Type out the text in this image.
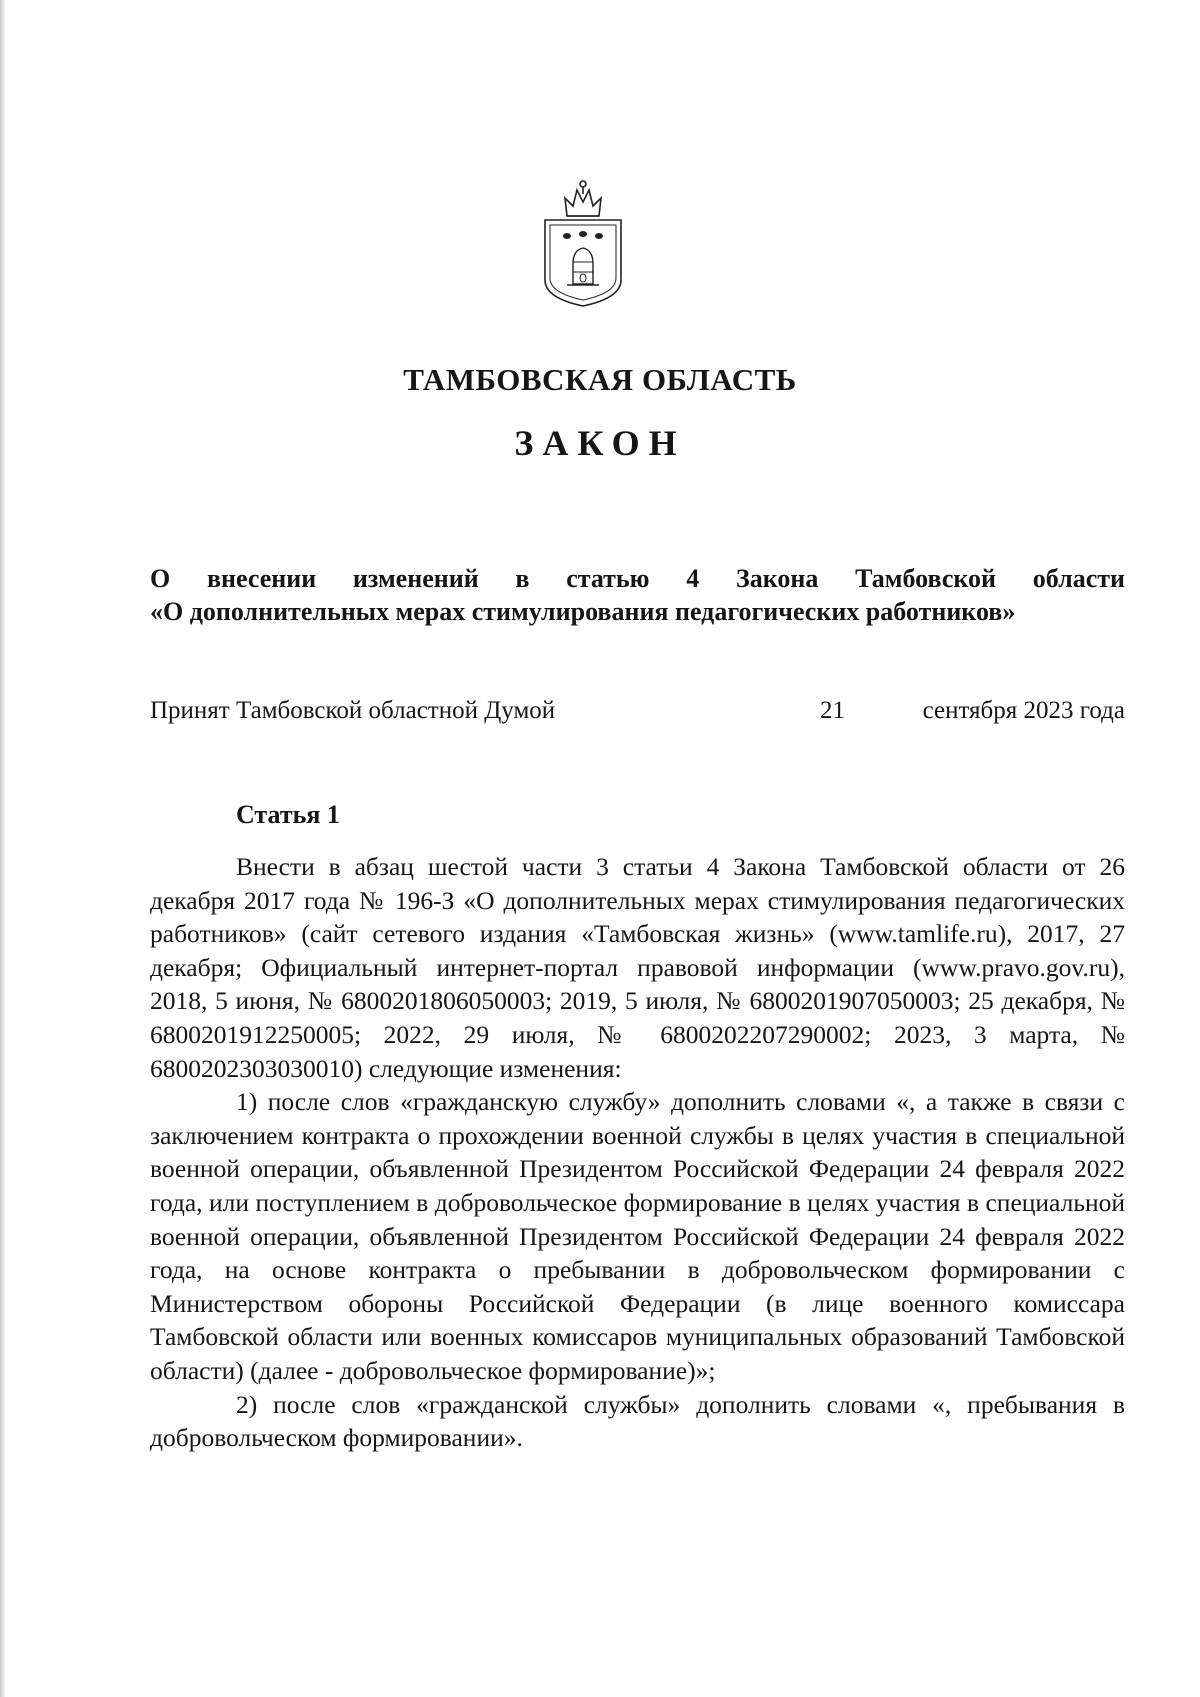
ТАМБОВСКАЯ ОБЛАСТЬ
ЗАКОН
О внесении изменений в статью 4 Закона Тамбовской области
«О дополнительных мерах стимулирования педагогических работников»
Принят Тамбовской областной Думой	21	сентября 2023 года
Статья 1

Внести в абзац шестой части 3 статьи 4 Закона Тамбовской области от 26 декабря 2017 года № 196-З «О дополнительных мерах стимулирования педагогических работников» (сайт сетевого издания «Тамбовская жизнь» (www.tamlife.ru), 2017, 27 декабря; Официальный интернет-портал правовой информации (www.pravo.gov.ru), 2018, 5 июня, № 6800201806050003; 2019, 5 июля, № 6800201907050003; 25 декабря, № 6800201912250005; 2022, 29 июля, № 6800202207290002; 2023, 3 марта, № 6800202303030010) следующие изменения:

1) после слов «гражданскую службу» дополнить словами «, а также в связи с заключением контракта о прохождении военной службы в целях участия в специальной военной операции, объявленной Президентом Российской Федерации 24 февраля 2022 года, или поступлением в добровольческое формирование в целях участия в специальной военной операции, объявленной Президентом Российской Федерации 24 февраля 2022 года, на основе контракта о пребывании в добровольческом формировании с Министерством обороны Российской Федерации (в лице военного комиссара Тамбовской области или военных комиссаров муниципальных образований Тамбовской области) (далее - добровольческое формирование)»;

2) после слов «гражданской службы» дополнить словами «, пребывания в добровольческом формировании».
